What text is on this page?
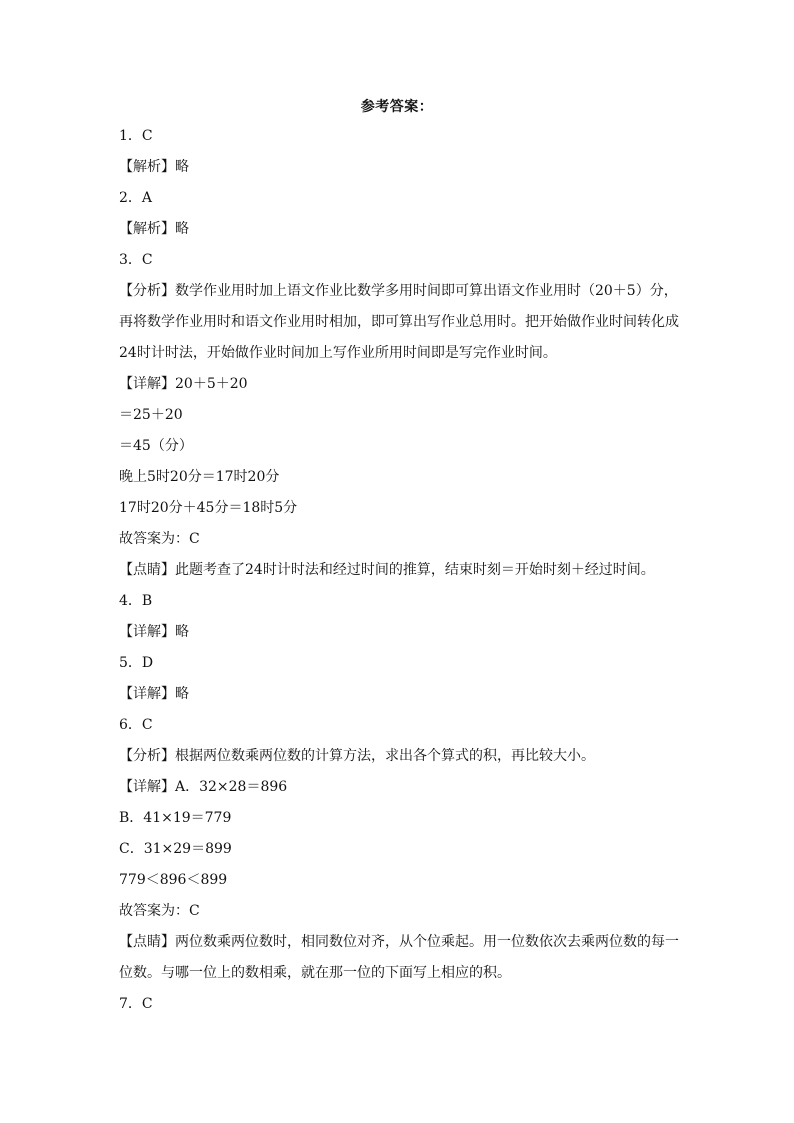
参考答案：
1．C
【解析】略
2．A
【解析】略
3．C
【分析】数学作业用时加上语文作业比数学多用时间即可算出语文作业用时（20＋5）分，
再将数学作业用时和语文作业用时相加，即可算出写作业总用时。把开始做作业时间转化成
24时计时法，开始做作业时间加上写作业所用时间即是写完作业时间。
【详解】20＋5＋20
＝25＋20
＝45（分）
晚上5时20分＝17时20分
17时20分＋45分＝18时5分
故答案为：C
【点睛】此题考查了24时计时法和经过时间的推算，结束时刻＝开始时刻＋经过时间。
4．B
【详解】略
5．D
【详解】略
6．C
【分析】根据两位数乘两位数的计算方法，求出各个算式的积，再比较大小。
【详解】A．32×28＝896
B．41×19＝779
C．31×29＝899
779＜896＜899
故答案为：C
【点睛】两位数乘两位数时，相同数位对齐，从个位乘起。用一位数依次去乘两位数的每一
位数。与哪一位上的数相乘，就在那一位的下面写上相应的积。
7．C
